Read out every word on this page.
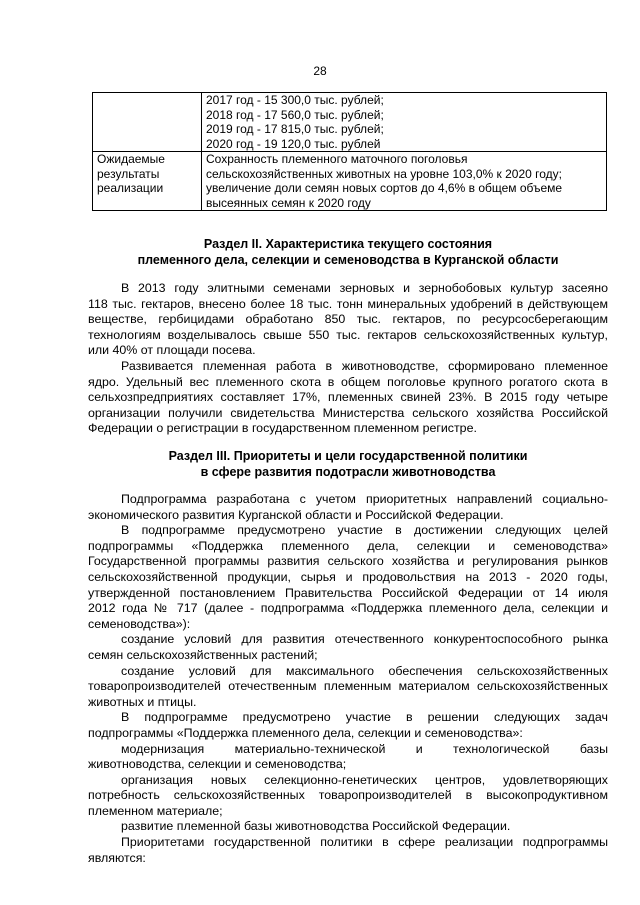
28

	2017 год - 15 300,0 тыс. рублей;
2018 год - 17 560,0 тыс. рублей;
2019 год - 17 815,0 тыс. рублей;
2020 год - 19 120,0 тыс. рублей

Ожидаемые
результаты
реализации	Сохранность племенного маточного поголовья
сельскохозяйственных животных на уровне 103,0% к 2020 году;
увеличение доли семян новых сортов до 4,6% в общем объеме
высеянных семян к 2020 году
Раздел II. Характеристика текущего состояния
племенного дела, селекции и семеноводства в Курганской области
В 2013 году элитными семенами зерновых и зернобобовых культур засеяно
118 тыс. гектаров, внесено более 18 тыс. тонн минеральных удобрений в действующем
веществе, гербицидами обработано 850 тыс. гектаров, по ресурсосберегающим
технологиям возделывалось свыше 550 тыс. гектаров сельскохозяйственных культур,
или 40% от площади посева.
Развивается племенная работа в животноводстве, сформировано племенное
ядро. Удельный вес племенного скота в общем поголовье крупного рогатого скота в
сельхозпредприятиях составляет 17%, племенных свиней 23%. В 2015 году четыре
организации получили свидетельства Министерства сельского хозяйства Российской
Федерации о регистрации в государственном племенном регистре.
Раздел III. Приоритеты и цели государственной политики
в сфере развития подотрасли животноводства
Подпрограмма разработана с учетом приоритетных направлений социально-
экономического развития Курганской области и Российской Федерации.
В подпрограмме предусмотрено участие в достижении следующих целей
подпрограммы «Поддержка племенного дела, селекции и семеноводства»
Государственной программы развития сельского хозяйства и регулирования рынков
сельскохозяйственной продукции, сырья и продовольствия на 2013 - 2020 годы,
утвержденной постановлением Правительства Российской Федерации от 14 июля
2012 года № 717 (далее - подпрограмма «Поддержка племенного дела, селекции и
семеноводства»):
создание условий для развития отечественного конкурентоспособного рынка
семян сельскохозяйственных растений;
создание условий для максимального обеспечения сельскохозяйственных
товаропроизводителей отечественным племенным материалом сельскохозяйственных
животных и птицы.
В подпрограмме предусмотрено участие в решении следующих задач
подпрограммы «Поддержка племенного дела, селекции и семеноводства»:
модернизация материально-технической и технологической базы
животноводства, селекции и семеноводства;
организация новых селекционно-генетических центров, удовлетворяющих
потребность сельскохозяйственных товаропроизводителей в высокопродуктивном
племенном материале;
развитие племенной базы животноводства Российской Федерации.
Приоритетами государственной политики в сфере реализации подпрограммы
являются:
